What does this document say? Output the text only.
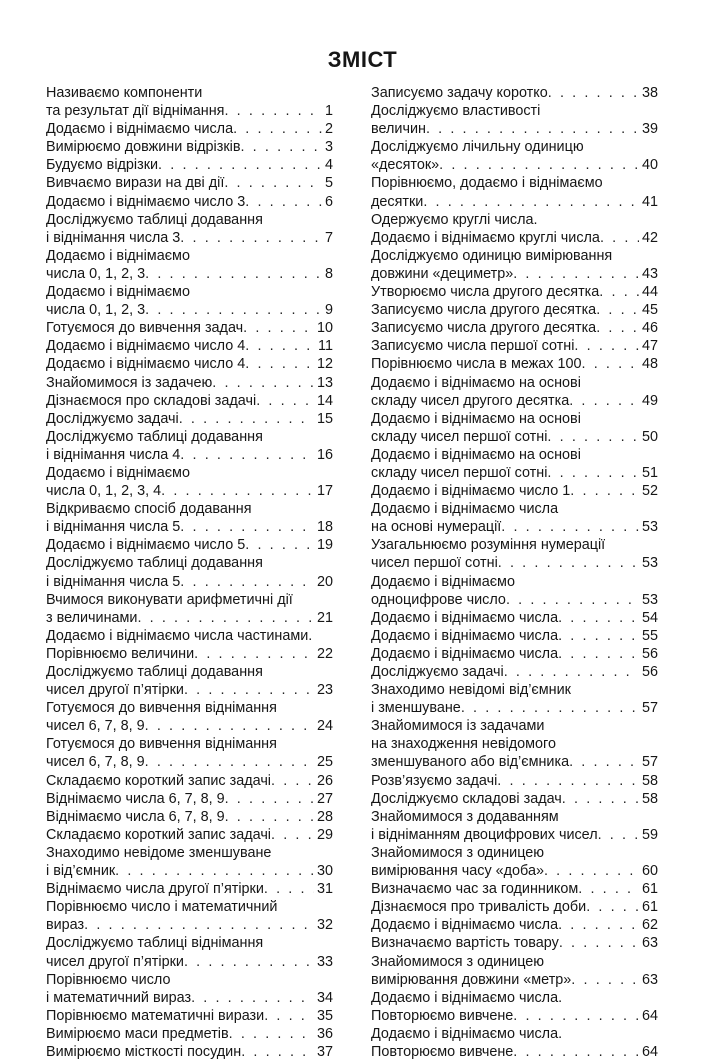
ЗМІСТ
Називаємо компоненти
та результат дії віднімання . . .	1
Додаємо і віднімаємо числа . . .	2
Вимірюємо довжини відрізків . . .	3
Будуємо відрізки . . .	4
Вивчаємо вирази на дві дії . . .	5
Додаємо і віднімаємо число 3 . . .	6
Досліджуємо таблиці додавання
і віднімання числа 3 . . .	7
Додаємо і віднімаємо
числа 0, 1, 2, 3 . . .	8
Додаємо і віднімаємо
числа 0, 1, 2, 3 . . .	9
Готуємося до вивчення задач . . .	10
Додаємо і віднімаємо число 4 . . .	11
Додаємо і віднімаємо число 4 . . .	12
Знайомимося із задачею . . .	13
Дізнаємося про складові задачі . . .	14
Досліджуємо задачі . . .	15
Досліджуємо таблиці додавання
і віднімання числа 4 . . .	16
Додаємо і віднімаємо
числа 0, 1, 2, 3, 4 . . .	17
Відкриваємо спосіб додавання
і віднімання числа 5 . . .	18
Додаємо і віднімаємо число 5 . . .	19
Досліджуємо таблиці додавання
і віднімання числа 5 . . .	20
Вчимося виконувати арифметичні дії
з величинами . . .	21
Додаємо і віднімаємо числа частинами.
Порівнюємо величини . . .	22
Досліджуємо таблиці додавання
чисел другої п’ятірки . . .	23
Готуємося до вивчення віднімання
чисел 6, 7, 8, 9 . . .	24
Готуємося до вивчення віднімання
чисел 6, 7, 8, 9 . . .	25
Складаємо короткий запис задачі . . .	26
Віднімаємо числа 6, 7, 8, 9 . . .	27
Віднімаємо числа 6, 7, 8, 9 . . .	28
Складаємо короткий запис задачі . . .	29
Знаходимо невідоме зменшуване
і від’ємник . . .	30
Віднімаємо числа другої п’ятірки . . .	31
Порівнюємо число і математичний
вираз . . .	32
Досліджуємо таблиці віднімання
чисел другої п’ятірки . . .	33
Порівнюємо число
і математичний вираз . . .	34
Порівнюємо математичні вирази . . .	35
Вимірюємо маси предметів . . .	36
Вимірюємо місткості посудин . . .	37
Записуємо задачу коротко . . .	38
Досліджуємо властивості
величин . . .	39
Досліджуємо лічильну одиницю
«десяток» . . .	40
Порівнюємо, додаємо і віднімаємо
десятки . . .	41
Одержуємо круглі числа.
Додаємо і віднімаємо круглі числа . . .	42
Досліджуємо одиницю вимірювання
довжини «дециметр» . . .	43
Утворюємо числа другого десятка . . .	44
Записуємо числа другого десятка . . .	45
Записуємо числа другого десятка . . .	46
Записуємо числа першої сотні . . .	47
Порівнюємо числа в межах 100 . . .	48
Додаємо і віднімаємо на основі
складу чисел другого десятка . . .	49
Додаємо і віднімаємо на основі
складу чисел першої сотні . . .	50
Додаємо і віднімаємо на основі
складу чисел першої сотні . . .	51
Додаємо і віднімаємо число 1 . . .	52
Додаємо і віднімаємо числа
на основі нумерації . . .	53
Узагальнюємо розуміння нумерації
чисел першої сотні . . .	53
Додаємо і віднімаємо
одноцифрове число . . .	53
Додаємо і віднімаємо числа . . .	54
Додаємо і віднімаємо числа . . .	55
Додаємо і віднімаємо числа . . .	56
Досліджуємо задачі . . .	56
Знаходимо невідомі від’ємник
і зменшуване . . .	57
Знайомимося із задачами
на знаходження невідомого
зменшуваного або від’ємника . . .	57
Розв’язуємо задачі . . .	58
Досліджуємо складові задач . . .	58
Знайомимося з додаванням
і відніманням двоцифрових чисел . . .	59
Знайомимося з одиницею
вимірювання часу «доба» . . .	60
Визначаємо час за годинником . . .	61
Дізнаємося про тривалість доби . . .	61
Додаємо і віднімаємо числа . . .	62
Визначаємо вартість товару . . .	63
Знайомимося з одиницею
вимірювання довжини «метр» . . .	63
Додаємо і віднімаємо числа.
Повторюємо вивчене . . .	64
Додаємо і віднімаємо числа.
Повторюємо вивчене . . .	64
